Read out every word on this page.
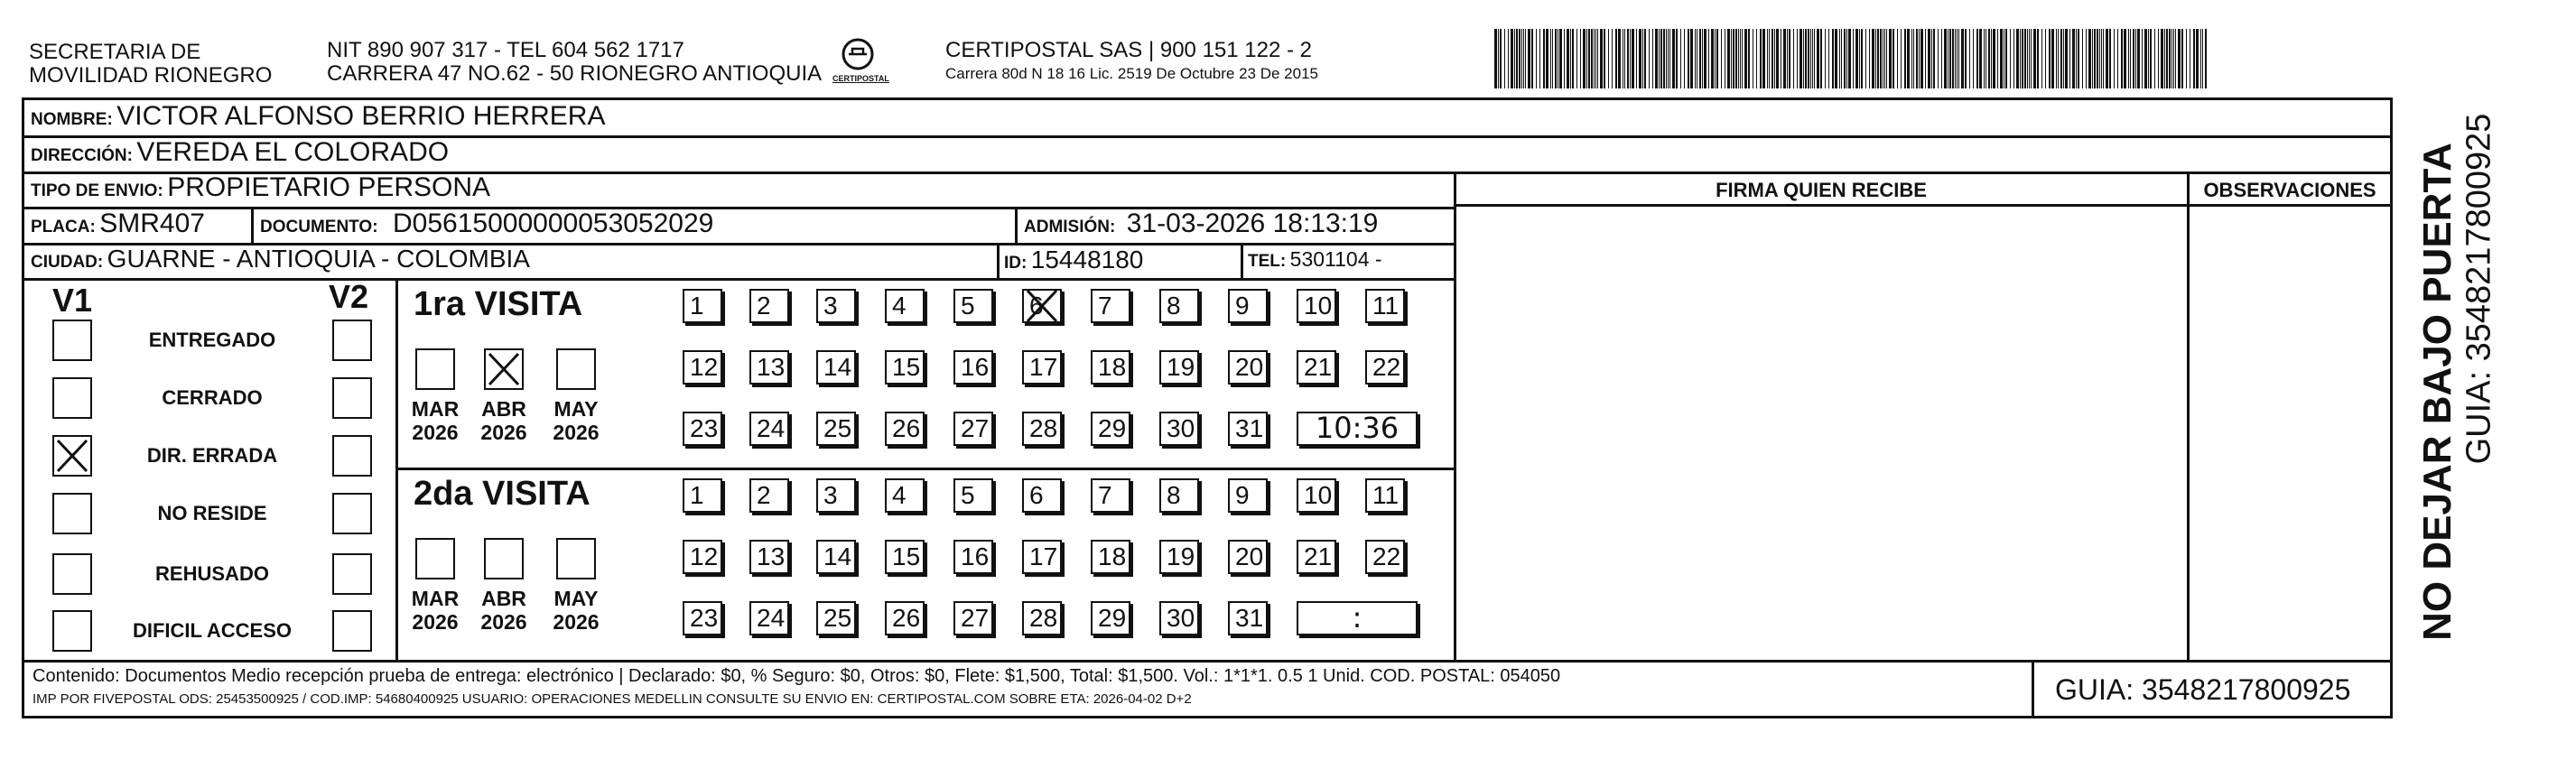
SECRETARIA DE
MOVILIDAD RIONEGRO
NIT 890 907 317 - TEL 604 562 1717
CARRERA 47 NO.62 - 50 RIONEGRO ANTIOQUIA CERTIPOSTAL
CERTIPOSTAL SAS | 900 151 122 - 2
Carrera 80d N 18 16 Lic. 2519 De Octubre 23 De 2015
NOMBRE: VICTOR ALFONSO BERRIO HERRERA
DIRECCIÓN: VEREDA EL COLORADO
TIPO DE ENVIO: PROPIETARIO PERSONA
PLACA: SMR407	DOCUMENTO: D05615000000053052029	ADMISIÓN: 31-03-2026 18:13:19
CIUDAD: GUARNE - ANTIOQUIA - COLOMBIA	ID: 15448180	TEL: 5301104 -
FIRMA QUIEN RECIBE	OBSERVACIONES
V1	V2 1ra VISITA
2da VISITA
Contenido: Documentos Medio recepción prueba de entrega: electrónico | Declarado: $0, % Seguro: $0, Otros: $0, Flete: $1,500, Total: $1,500. Vol.: 1*1*1. 0.5 1 Unid. COD. POSTAL: 054050
IMP POR FIVEPOSTAL ODS: 25453500925 / COD.IMP: 54680400925 USUARIO: OPERACIONES MEDELLIN CONSULTE SU ENVIO EN: CERTIPOSTAL.COM SOBRE ETA: 2026-04-02 D+2	GUIA: 3548217800925
NO DEJAR BAJO PUERTA GUIA: 3548217800925
ENTREGADO
CERRADO
DIR. ERRADA
NO RESIDE
REHUSADO
DIFICIL ACCESO
MAR
2026
ABR
2026
MAY
2026
1	2	3	4	5	6	7	8	9	10 11
12 13 14 15 16 17 18 19 20 21 22
23 24 25 26 27 28 29 30 31	10:36
MAR
2026
ABR
2026
MAY
2026
1	2	3	4	5	6	7	8	9	10 11
12 13 14 15 16 17 18 19 20 21 22
23 24 25 26 27 28 29 30 31	:
